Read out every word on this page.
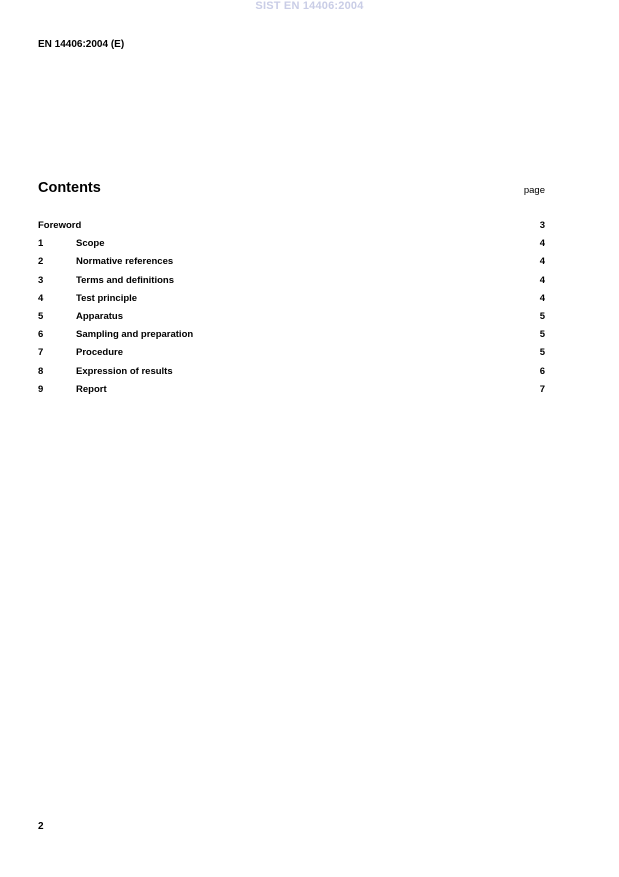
SIST EN 14406:2004
EN 14406:2004 (E)
Contents	page
Foreword	3
1	Scope	4
2	Normative references	4
3	Terms and definitions	4
4	Test principle	4
5	Apparatus	5
6	Sampling and preparation	5
7	Procedure	5
8	Expression of results	6
9	Report	7
2
